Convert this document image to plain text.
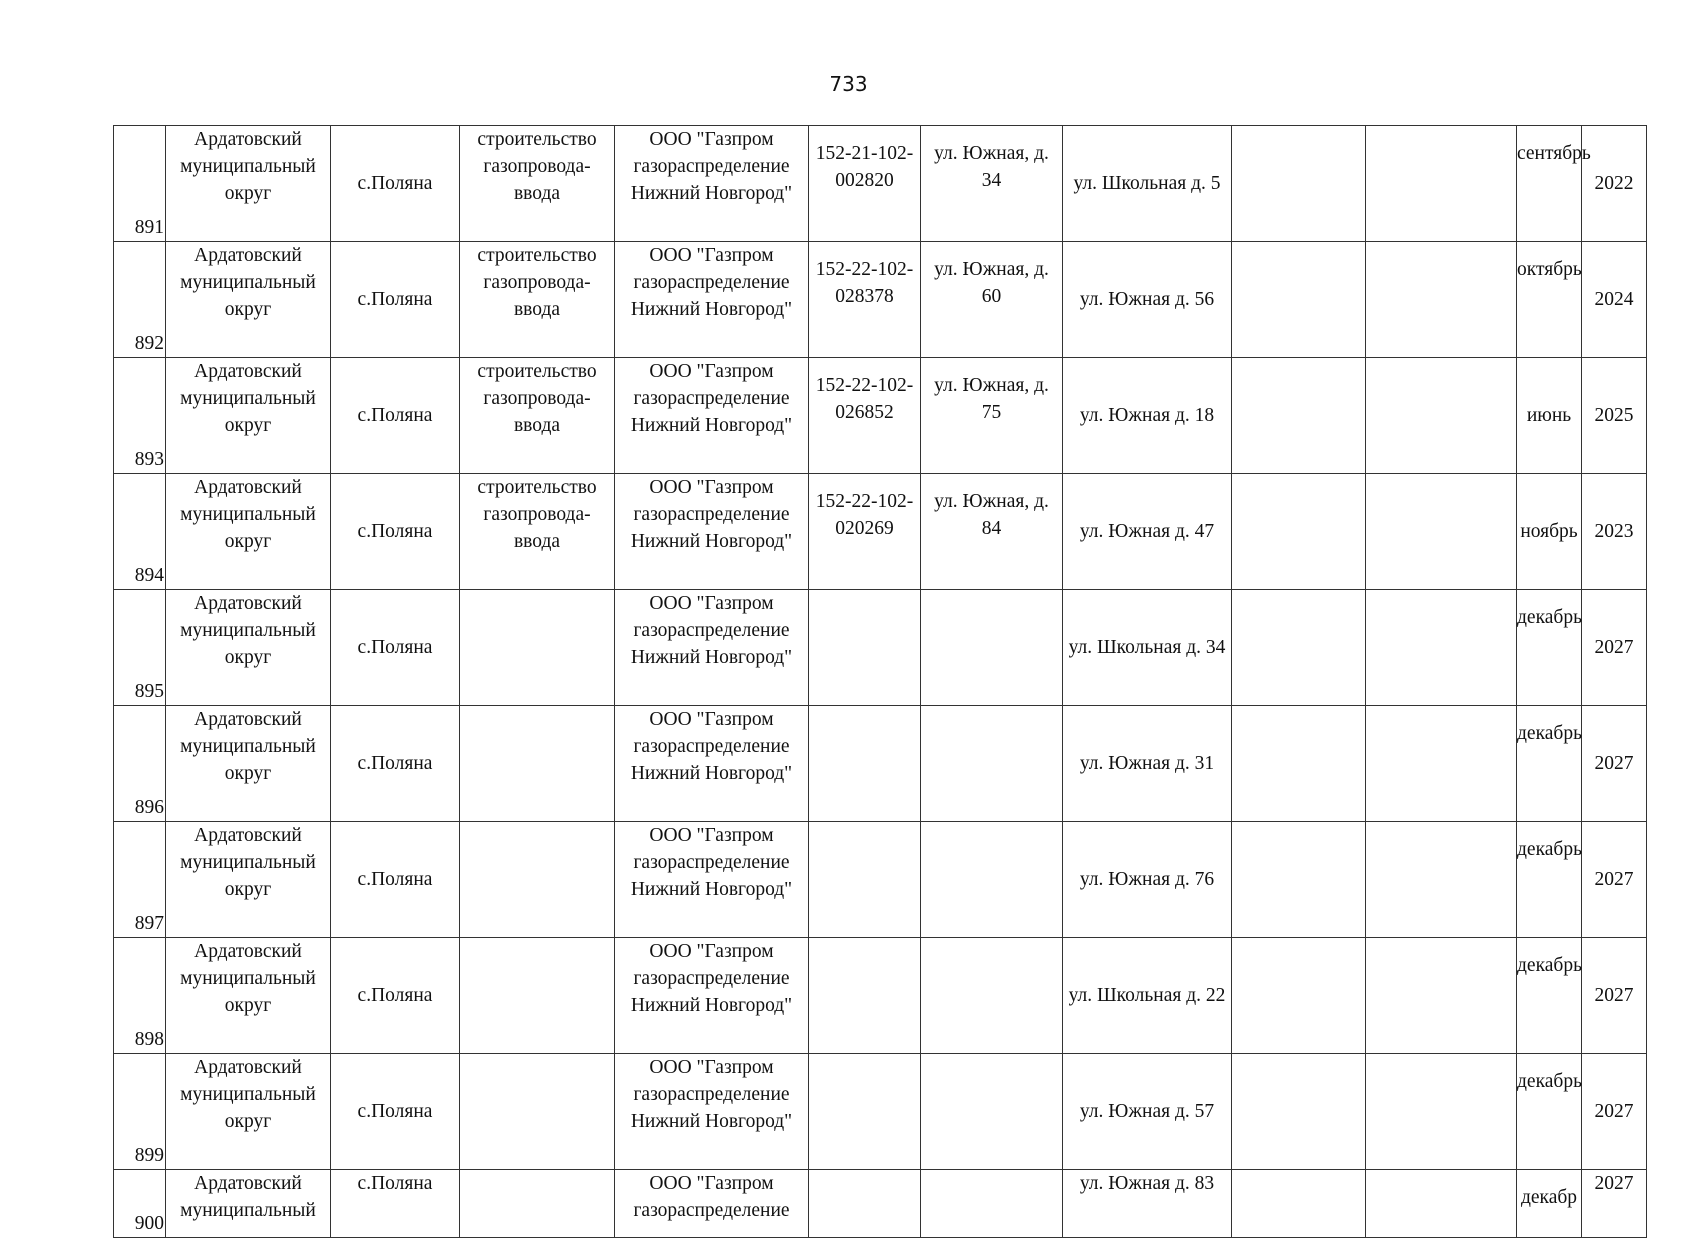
733
891	Ардатовский муниципальный округ	с.Поляна	строительство газопровода-ввода	ООО "Газпром газораспределение Нижний Новгород"	152-21-102-002820	ул. Южная, д. 34	ул. Школьная д. 5			сентябрь	2022
892	Ардатовский муниципальный округ	с.Поляна	строительство газопровода-ввода	ООО "Газпром газораспределение Нижний Новгород"	152-22-102-028378	ул. Южная, д. 60	ул. Южная д. 56			октябрь	2024
893	Ардатовский муниципальный округ	с.Поляна	строительство газопровода-ввода	ООО "Газпром газораспределение Нижний Новгород"	152-22-102-026852	ул. Южная, д. 75	ул. Южная д. 18			июнь	2025
894	Ардатовский муниципальный округ	с.Поляна	строительство газопровода-ввода	ООО "Газпром газораспределение Нижний Новгород"	152-22-102-020269	ул. Южная, д. 84	ул. Южная д. 47			ноябрь	2023
895	Ардатовский муниципальный округ	с.Поляна		ООО "Газпром газораспределение Нижний Новгород"			ул. Школьная д. 34			декабрь	2027
896	Ардатовский муниципальный округ	с.Поляна		ООО "Газпром газораспределение Нижний Новгород"			ул. Южная д. 31			декабрь	2027
897	Ардатовский муниципальный округ	с.Поляна		ООО "Газпром газораспределение Нижний Новгород"			ул. Южная д. 76			декабрь	2027
898	Ардатовский муниципальный округ	с.Поляна		ООО "Газпром газораспределение Нижний Новгород"			ул. Школьная д. 22			декабрь	2027
899	Ардатовский муниципальный округ	с.Поляна		ООО "Газпром газораспределение Нижний Новгород"			ул. Южная д. 57			декабрь	2027
900	Ардатовский муниципальный	с.Поляна		ООО "Газпром газораспределение			ул. Южная д. 83			декабр	2027
